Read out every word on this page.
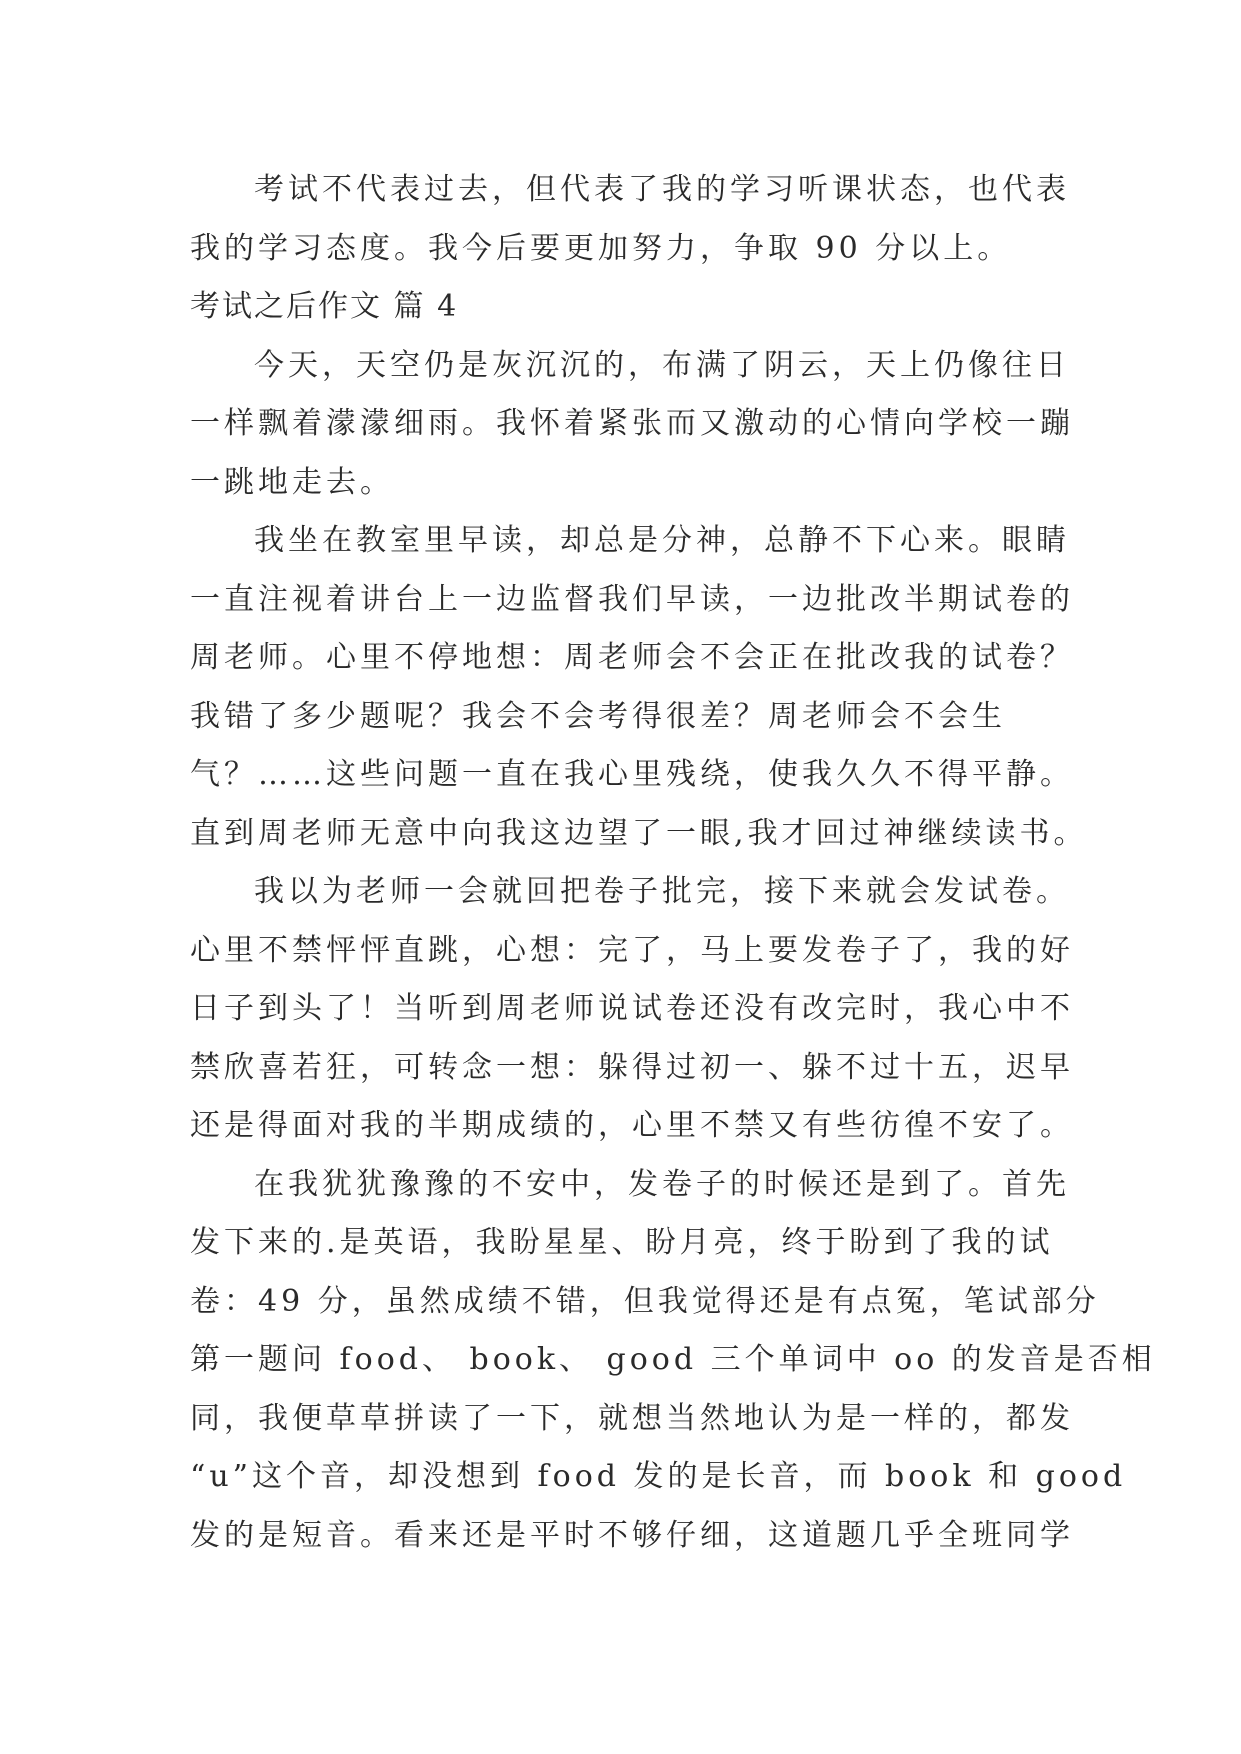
考试不代表过去，但代表了我的学习听课状态，也代表
我的学习态度。我今后要更加努力，争取 90 分以上。
考试之后作文 篇 4
今天，天空仍是灰沉沉的，布满了阴云，天上仍像往日
一样飘着濛濛细雨。我怀着紧张而又激动的心情向学校一蹦
一跳地走去。
我坐在教室里早读，却总是分神，总静不下心来。眼睛
一直注视着讲台上一边监督我们早读，一边批改半期试卷的
周老师。心里不停地想：周老师会不会正在批改我的试卷？
我错了多少题呢？我会不会考得很差？周老师会不会生
气？……这些问题一直在我心里残绕，使我久久不得平静。
直到周老师无意中向我这边望了一眼,我才回过神继续读书。
我以为老师一会就回把卷子批完，接下来就会发试卷。
心里不禁怦怦直跳，心想：完了，马上要发卷子了，我的好
日子到头了！当听到周老师说试卷还没有改完时，我心中不
禁欣喜若狂，可转念一想：躲得过初一、躲不过十五，迟早
还是得面对我的半期成绩的，心里不禁又有些彷徨不安了。
在我犹犹豫豫的不安中，发卷子的时候还是到了。首先
发下来的.是英语，我盼星星、盼月亮，终于盼到了我的试
卷：49 分，虽然成绩不错，但我觉得还是有点冤，笔试部分
第一题问 food、 book、 good 三个单词中 oo 的发音是否相
同，我便草草拼读了一下，就想当然地认为是一样的，都发
“u”这个音，却没想到 food 发的是长音，而 book 和 good
发的是短音。看来还是平时不够仔细，这道题几乎全班同学
